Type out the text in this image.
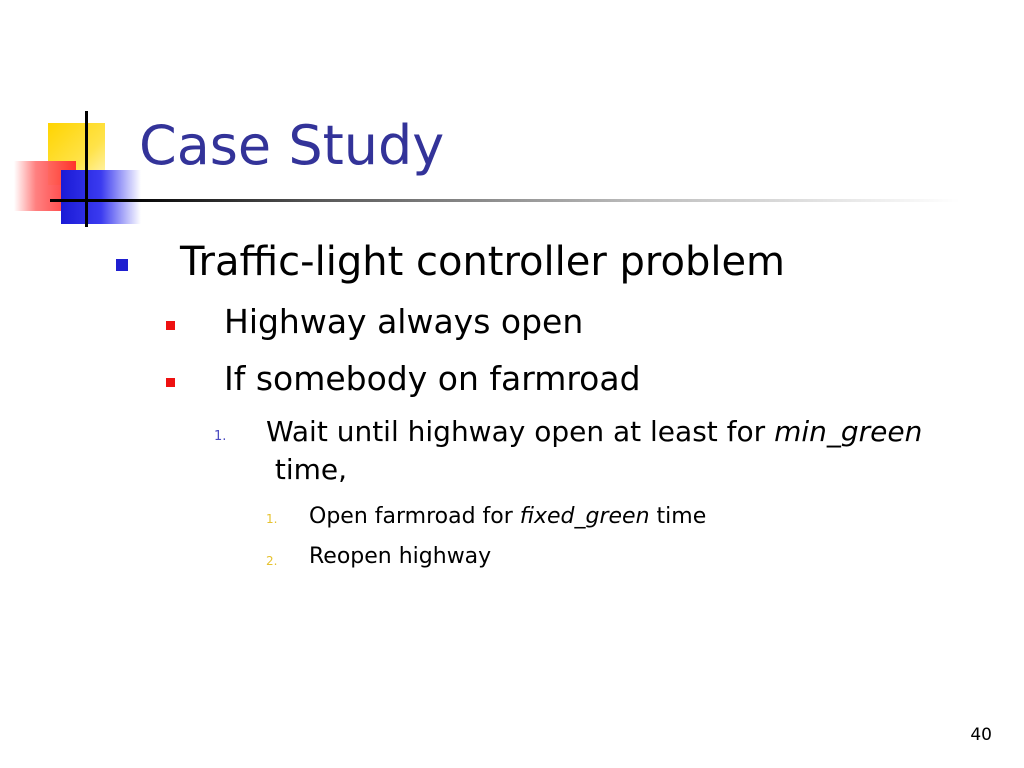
Case Study
Traffic-light controller problem
Highway always open
If somebody on farmroad
1. Wait until highway open at least for min_green
time,
1. Open farmroad for fixed_green time
2. Reopen highway
40
